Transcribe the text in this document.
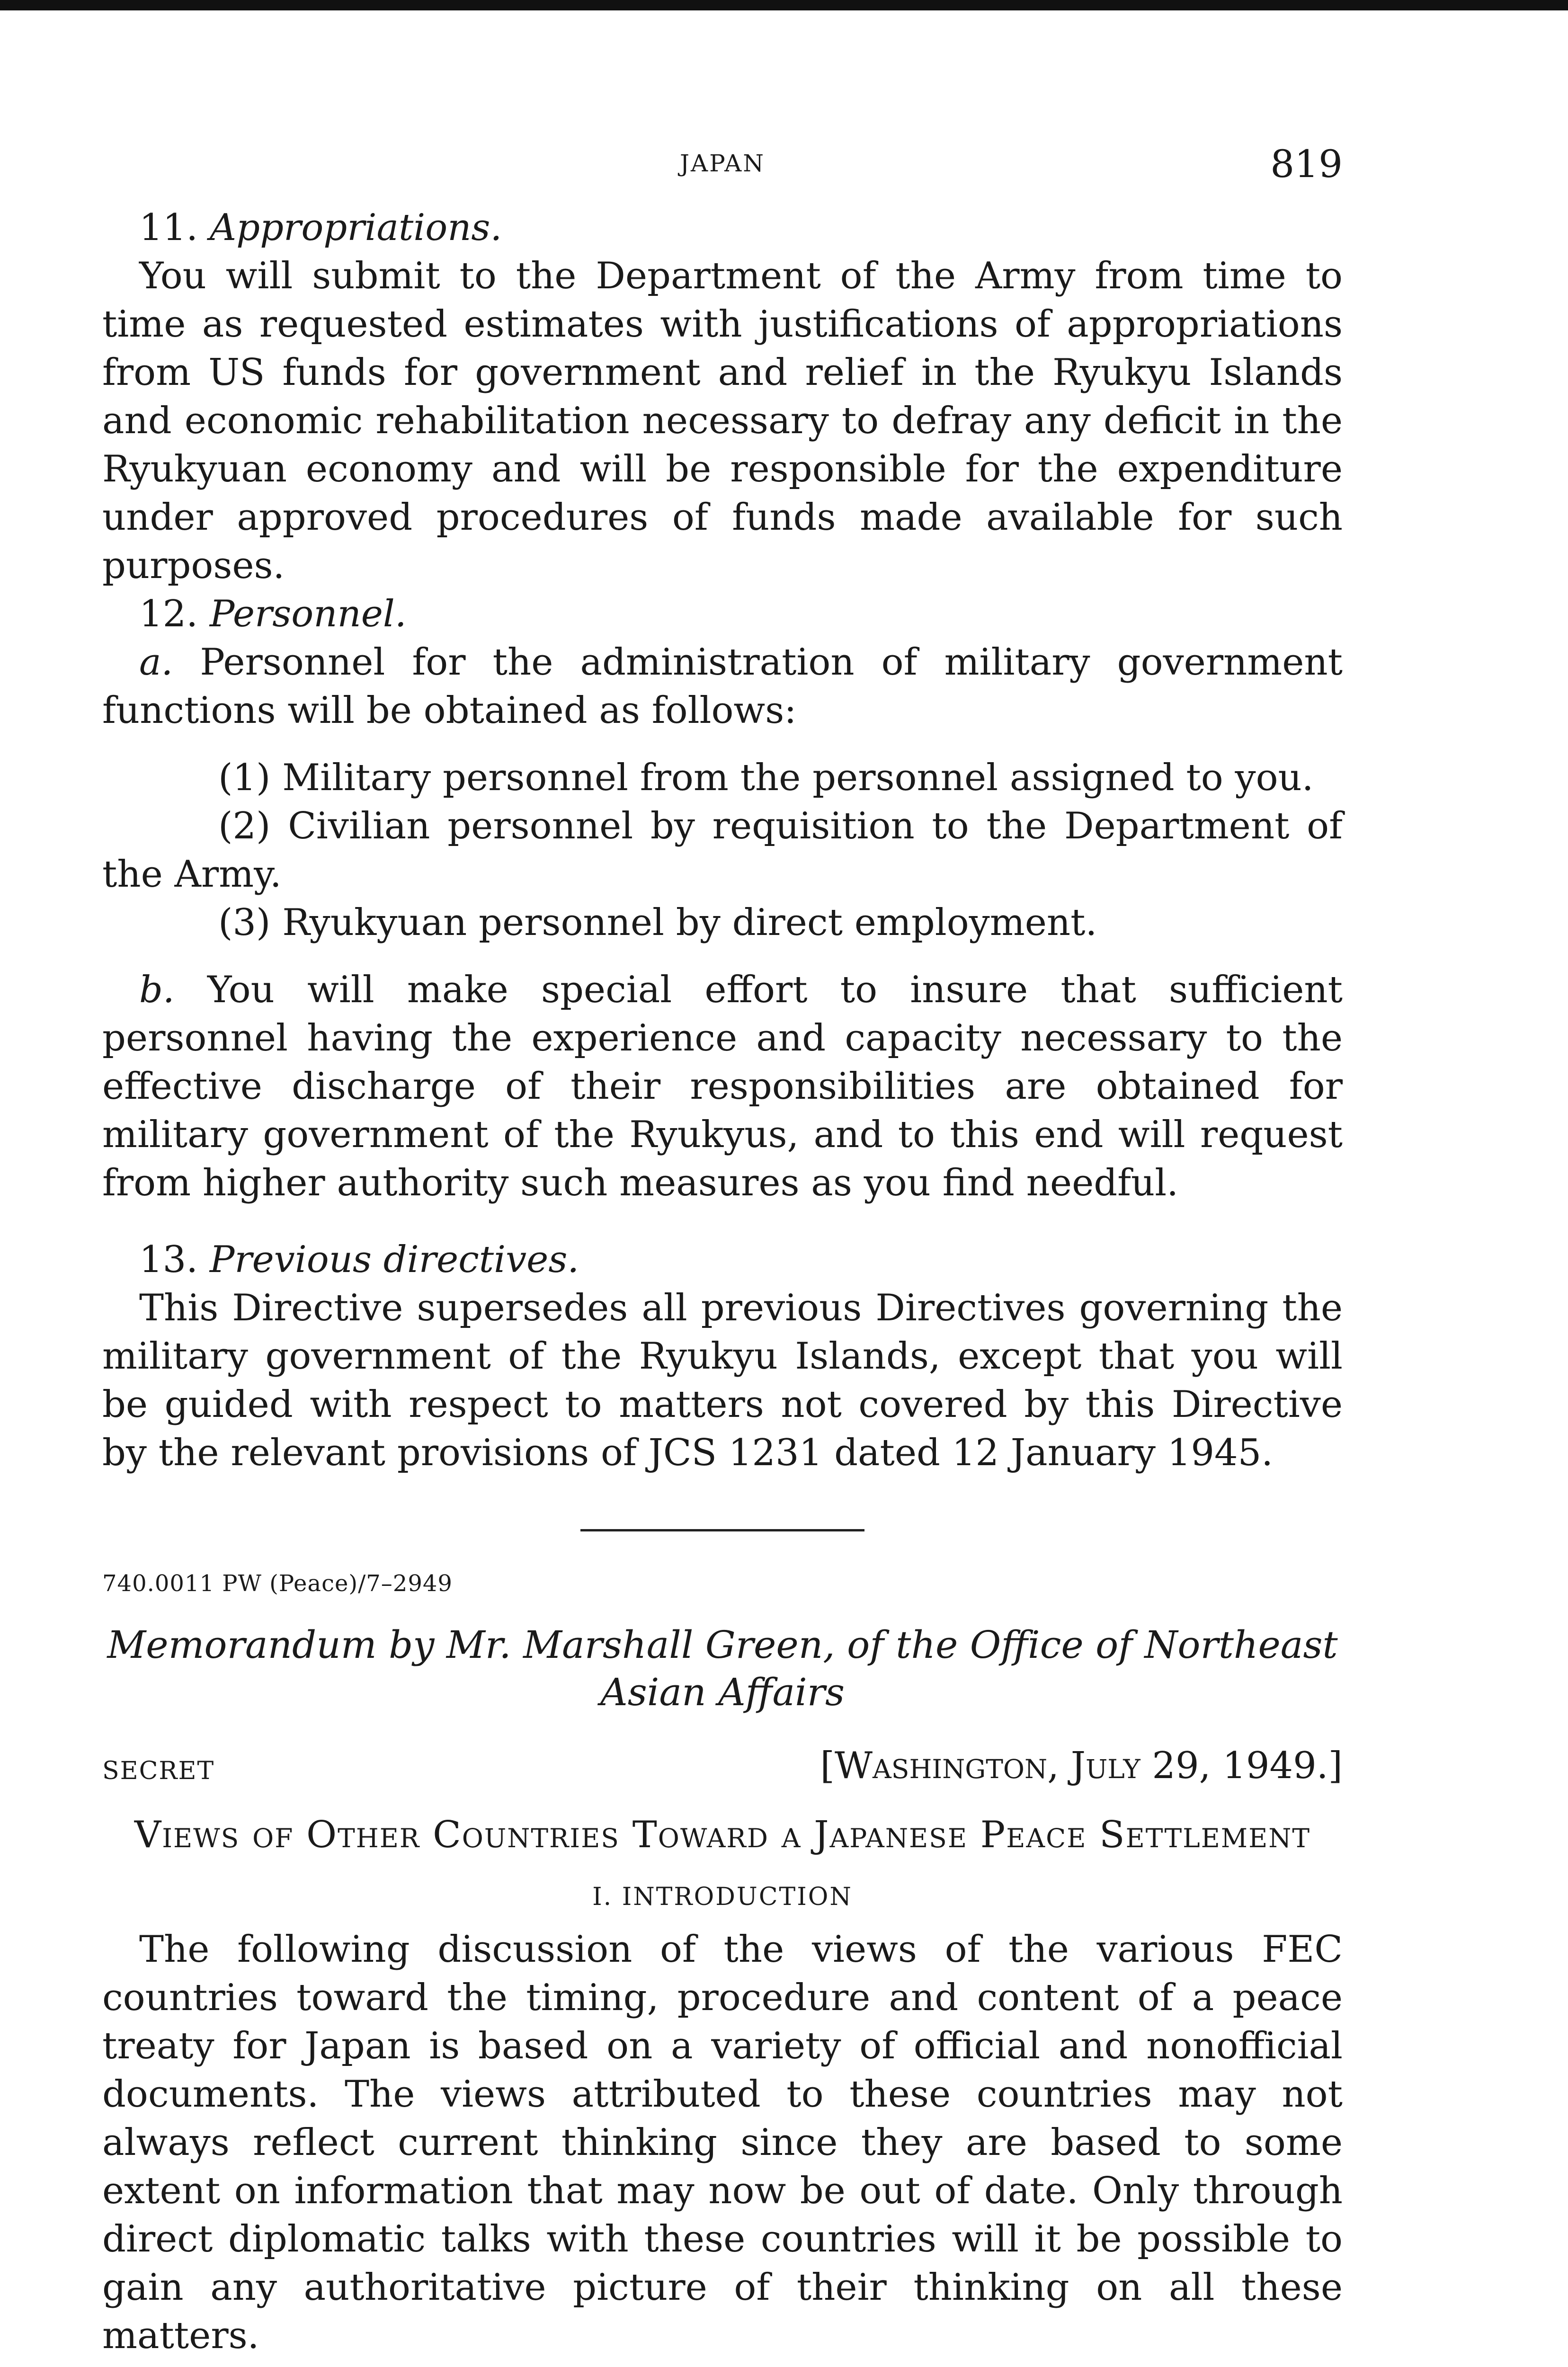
JAPAN	819
11. Appropriations.

You will submit to the Department of the Army from time to time as requested estimates with justifications of appropriations from US funds for government and relief in the Ryukyu Islands and economic rehabilitation necessary to defray any deficit in the Ryukyuan economy and will be responsible for the expenditure under approved procedures of funds made available for such purposes.

12. Personnel.

a. Personnel for the administration of military government functions will be obtained as follows:

(1) Military personnel from the personnel assigned to you.

(2) Civilian personnel by requisition to the Department of the Army.

(3) Ryukyuan personnel by direct employment.

b. You will make special effort to insure that sufficient personnel having the experience and capacity necessary to the effective discharge of their responsibilities are obtained for military government of the Ryukyus, and to this end will request from higher authority such measures as you find needful.

13. Previous directives.

This Directive supersedes all previous Directives governing the military government of the Ryukyu Islands, except that you will be guided with respect to matters not covered by this Directive by the relevant provisions of JCS 1231 dated 12 January 1945.

740.0011 PW (Peace)/7–2949
Memorandum by Mr. Marshall Green, of the Office of Northeast Asian Affairs
SECRET	[Washington, July 29, 1949.]
Views of Other Countries Toward a Japanese Peace Settlement
I. INTRODUCTION

The following discussion of the views of the various FEC countries toward the timing, procedure and content of a peace treaty for Japan is based on a variety of official and nonofficial documents. The views attributed to these countries may not always reflect current thinking since they are based to some extent on information that may now be out of date. Only through direct diplomatic talks with these countries will it be possible to gain any authoritative picture of their thinking on all these matters.
